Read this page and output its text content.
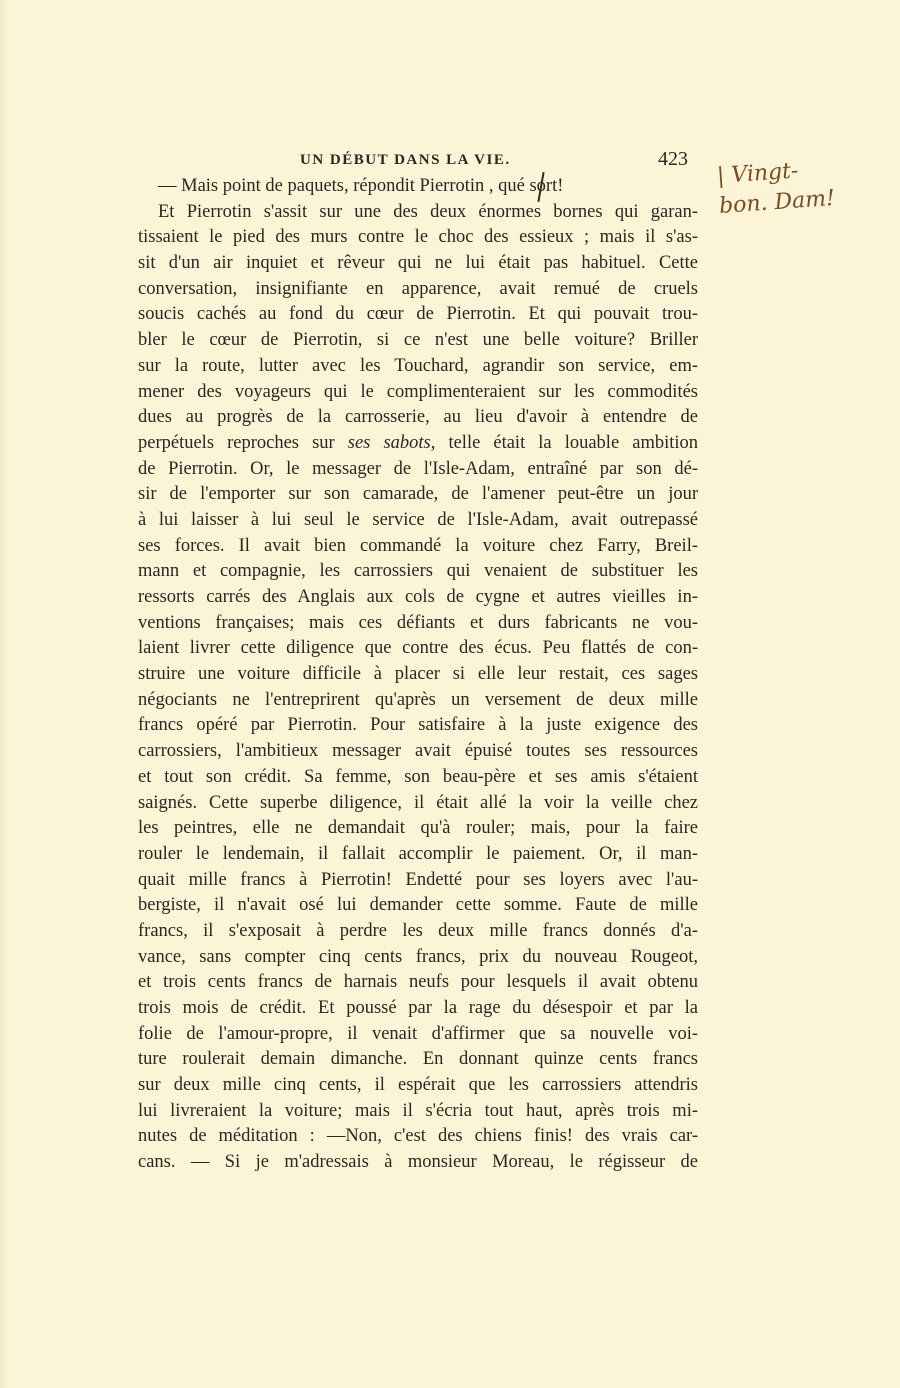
UN DÉBUT DANS LA VIE.	423 | Vingt-
bon. Dam!
— Mais point de paquets, répondit Pierrotin , qué sort!
Et Pierrotin s'assit sur une des deux énormes bornes qui garan-
tissaient le pied des murs contre le choc des essieux ; mais il s'as-
sit d'un air inquiet et rêveur qui ne lui était pas habituel. Cette
conversation, insignifiante en apparence, avait remué de cruels
soucis cachés au fond du cœur de Pierrotin. Et qui pouvait trou-
bler le cœur de Pierrotin, si ce n'est une belle voiture? Briller
sur la route, lutter avec les Touchard, agrandir son service, em-
mener des voyageurs qui le complimenteraient sur les commodités
dues au progrès de la carrosserie, au lieu d'avoir à entendre de
perpétuels reproches sur ses sabots, telle était la louable ambition
de Pierrotin. Or, le messager de l'Isle-Adam, entraîné par son dé-
sir de l'emporter sur son camarade, de l'amener peut-être un jour
à lui laisser à lui seul le service de l'Isle-Adam, avait outrepassé
ses forces. Il avait bien commandé la voiture chez Farry, Breil-
mann et compagnie, les carrossiers qui venaient de substituer les
ressorts carrés des Anglais aux cols de cygne et autres vieilles in-
ventions françaises; mais ces défiants et durs fabricants ne vou-
laient livrer cette diligence que contre des écus. Peu flattés de con-
struire une voiture difficile à placer si elle leur restait, ces sages
négociants ne l'entreprirent qu'après un versement de deux mille
francs opéré par Pierrotin. Pour satisfaire à la juste exigence des
carrossiers, l'ambitieux messager avait épuisé toutes ses ressources
et tout son crédit. Sa femme, son beau-père et ses amis s'étaient
saignés. Cette superbe diligence, il était allé la voir la veille chez
les peintres, elle ne demandait qu'à rouler; mais, pour la faire
rouler le lendemain, il fallait accomplir le paiement. Or, il man-
quait mille francs à Pierrotin! Endetté pour ses loyers avec l'au-
bergiste, il n'avait osé lui demander cette somme. Faute de mille
francs, il s'exposait à perdre les deux mille francs donnés d'a-
vance, sans compter cinq cents francs, prix du nouveau Rougeot,
et trois cents francs de harnais neufs pour lesquels il avait obtenu
trois mois de crédit. Et poussé par la rage du désespoir et par la
folie de l'amour-propre, il venait d'affirmer que sa nouvelle voi-
ture roulerait demain dimanche. En donnant quinze cents francs
sur deux mille cinq cents, il espérait que les carrossiers attendris
lui livreraient la voiture; mais il s'écria tout haut, après trois mi-
nutes de méditation : —Non, c'est des chiens finis! des vrais car-
cans. — Si je m'adressais à monsieur Moreau, le régisseur de
